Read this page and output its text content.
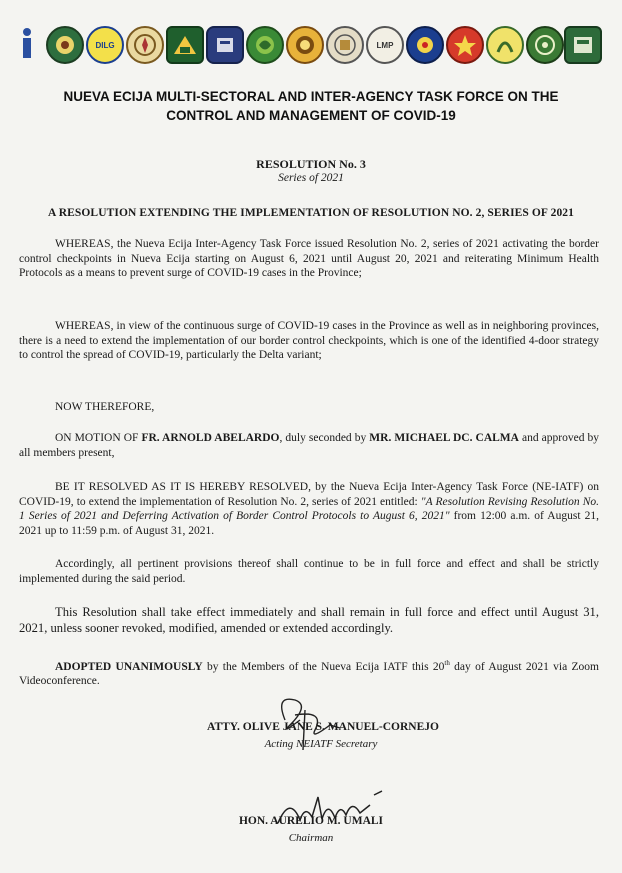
DILG	LMP
NUEVA ECIJA MULTI-SECTORAL AND INTER-AGENCY TASK FORCE ON THE
CONTROL AND MANAGEMENT OF COVID-19
RESOLUTION No. 3
Series of 2021
A RESOLUTION EXTENDING THE IMPLEMENTATION OF RESOLUTION NO. 2, SERIES OF 2021
WHEREAS, the Nueva Ecija Inter-Agency Task Force issued Resolution No. 2, series of 2021 activating the border control checkpoints in Nueva Ecija starting on August 6, 2021 until August 20, 2021 and reiterating Minimum Health Protocols as a means to prevent surge of COVID-19 cases in the Province;
WHEREAS, in view of the continuous surge of COVID-19 cases in the Province as well as in neighboring provinces, there is a need to extend the implementation of our border control checkpoints, which is one of the identified 4-door strategy to control the spread of COVID-19, particularly the Delta variant;
NOW THEREFORE,
ON MOTION OF FR. ARNOLD ABELARDO, duly seconded by MR. MICHAEL DC. CALMA and approved by all members present,
BE IT RESOLVED AS IT IS HEREBY RESOLVED, by the Nueva Ecija Inter-Agency Task Force (NE-IATF) on COVID-19, to extend the implementation of Resolution No. 2, series of 2021 entitled: "A Resolution Revising Resolution No. 1 Series of 2021 and Deferring Activation of Border Control Protocols to August 6, 2021" from 12:00 a.m. of August 21, 2021 up to 11:59 p.m. of August 31, 2021.
Accordingly, all pertinent provisions thereof shall continue to be in full force and effect and shall be strictly implemented during the said period.
This Resolution shall take effect immediately and shall remain in full force and effect until August 31, 2021, unless sooner revoked, modified, amended or extended accordingly.
ADOPTED UNANIMOUSLY by the Members of the Nueva Ecija IATF this 20th day of August 2021 via Zoom Videoconference.
ATTY. OLIVE JANE S. MANUEL-CORNEJO
Acting NEIATF Secretary
HON. AURELIO M. UMALI
Chairman
